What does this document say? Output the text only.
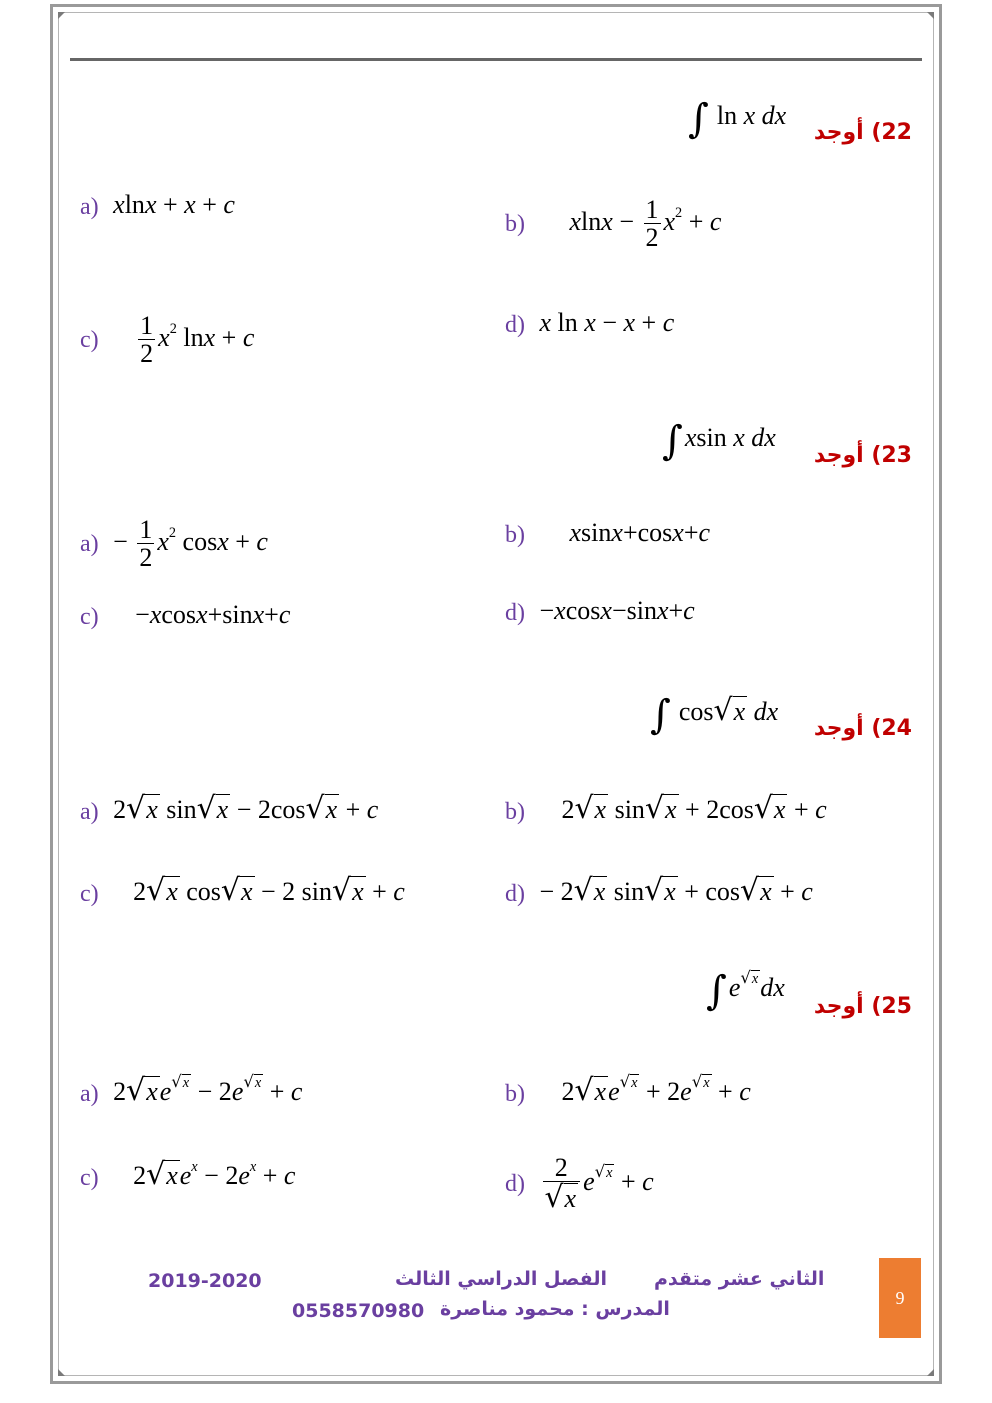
22) أوجد
∫ ln x dx
a) xlnx + x + c
b) $xlnx - \frac{1}{2} x^2 + c$
$c) \frac{1}{2} x^2$ lnx + c	d) x ln x − x + c
23) أوجد
∫xsin x dx
$a) - \frac{1}{2} x^2$ cosx + c	b) xsinx+cosx+c
c) −xcosx+sinx+c	d) −xcosx−sinx+c
24) أوجد
∫ cos√x dx
a) 2√x sin√x − 2cos√x + c	b) 2√x sin√x + 2cos√x + c
c) 2√x cos√x − 2 sin√x + c	d) − 2√x sin√x + cos√x + c
25) أوجد
$\int e^{√x}dx$
a) $2√xe^{√x} - 2e^{√x} + c$	b) $2√xe^{√x} + 2e^{√x} + c$
c) $2√xe^x - 2e^x + c$	$d) \frac{2}{√x} e^{√x} + c$
2019-2020	الفصل الدراسي الثالث الثاني عشر متقدم
0558570980 المدرس : محمود مناصرة	9
